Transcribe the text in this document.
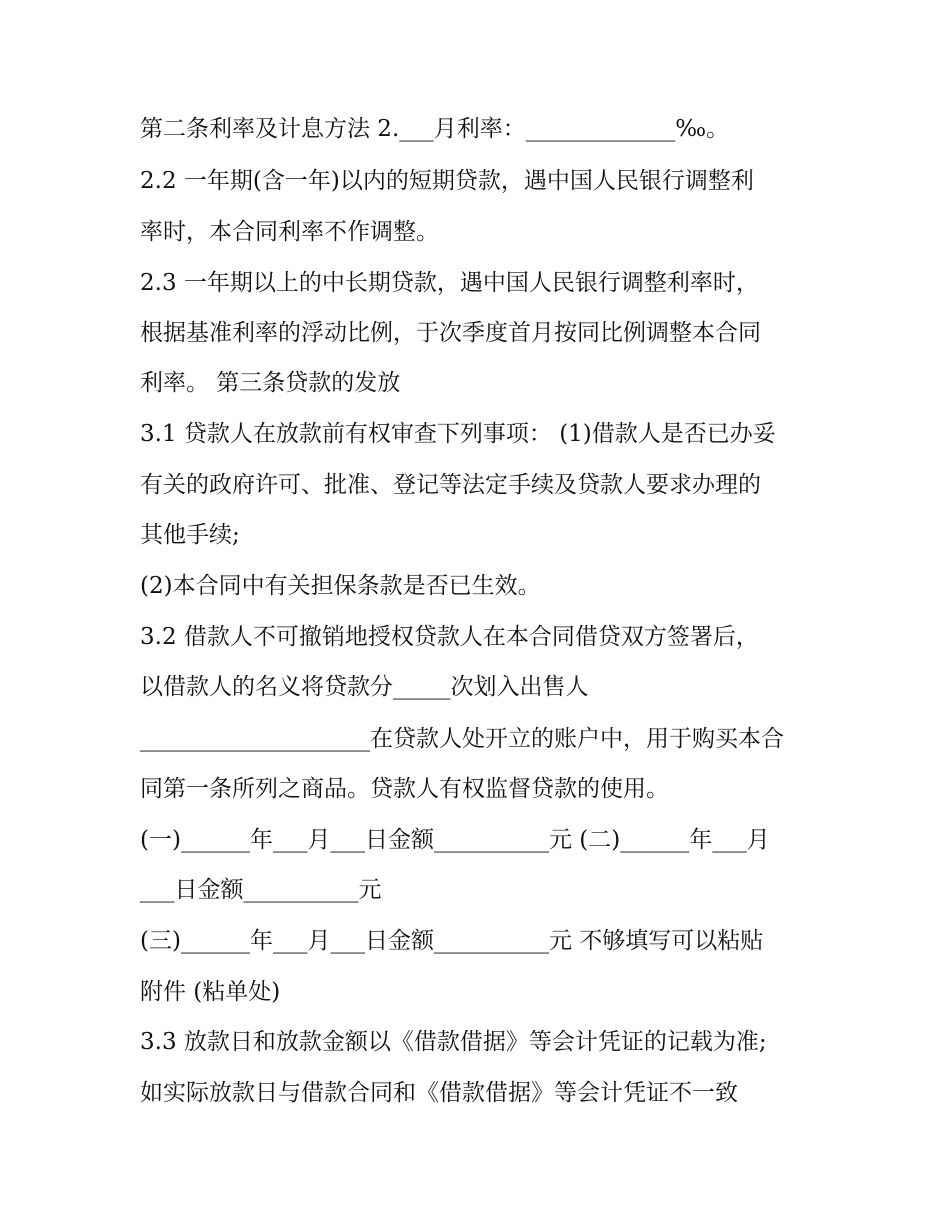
第二条利率及计息方法 2.___月利率：_____________‰。
2.2 一年期(含一年)以内的短期贷款，遇中国人民银行调整利
率时，本合同利率不作调整。
2.3 一年期以上的中长期贷款，遇中国人民银行调整利率时，
根据基准利率的浮动比例，于次季度首月按同比例调整本合同
利率。 第三条贷款的发放
3.1 贷款人在放款前有权审查下列事项： (1)借款人是否已办妥
有关的政府许可、批准、登记等法定手续及贷款人要求办理的
其他手续;
(2)本合同中有关担保条款是否已生效。
3.2 借款人不可撤销地授权贷款人在本合同借贷双方签署后，
以借款人的名义将贷款分_____次划入出售人
____________________在贷款人处开立的账户中，用于购买本合
同第一条所列之商品。贷款人有权监督贷款的使用。
(一)______年___月___日金额__________元 (二)______年___月
___日金额__________元
(三)______年___月___日金额__________元 不够填写可以粘贴
附件 (粘单处)
3.3 放款日和放款金额以《借款借据》等会计凭证的记载为准;
如实际放款日与借款合同和《借款借据》等会计凭证不一致
